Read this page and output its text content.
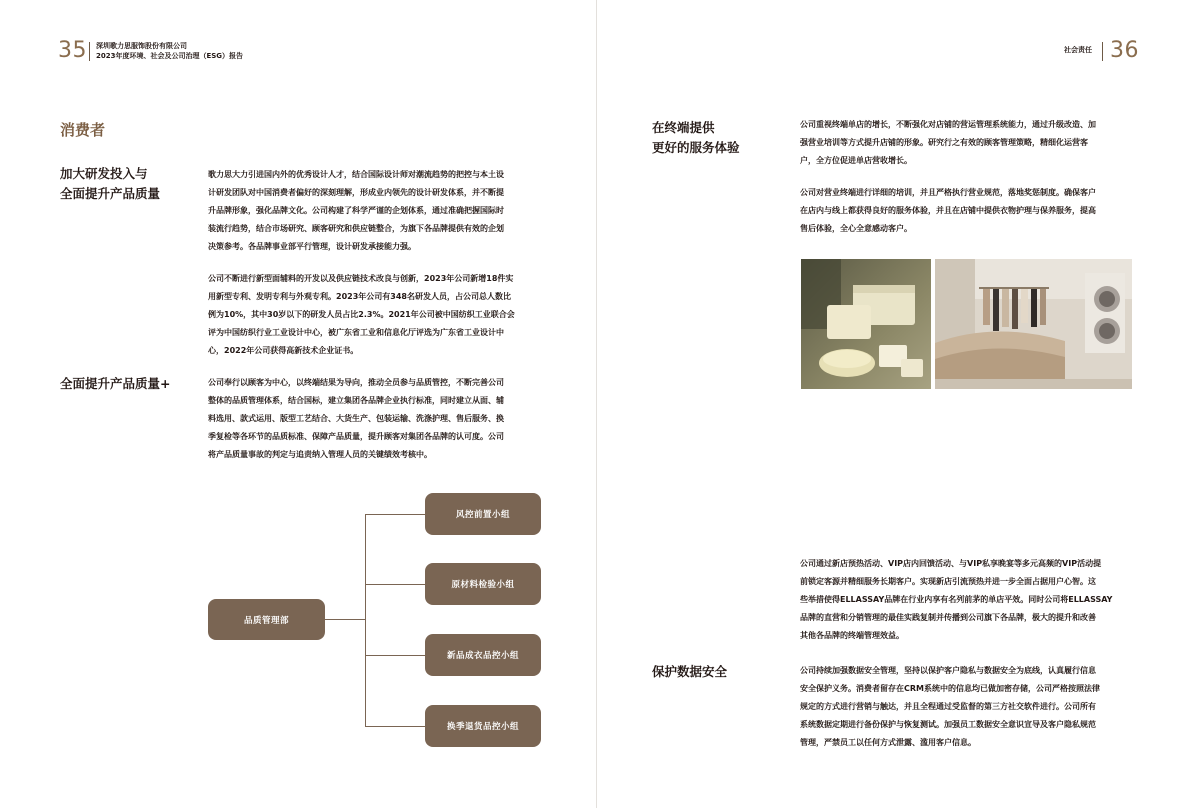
35 深圳歌力思服饰股份有限公司
2023年度环境、社会及公司治理（ESG）报告
社会责任 36
消费者
加大研发投入与
全面提升产品质量
歌力思大力引进国内外的优秀设计人才，结合国际设计师对潮流趋势的把控与本土设
计研发团队对中国消费者偏好的深刻理解，形成业内领先的设计研发体系，并不断提
升品牌形象，强化品牌文化。公司构建了科学严谨的企划体系，通过准确把握国际时
装流行趋势，结合市场研究、顾客研究和供应链整合，为旗下各品牌提供有效的企划
决策参考。各品牌事业部平行管理，设计研发承接能力强。
公司不断进行新型面辅料的开发以及供应链技术改良与创新，2023年公司新增18件实
用新型专利、发明专利与外观专利。2023年公司有348名研发人员，占公司总人数比
例为10%，其中30岁以下的研发人员占比2.3%。2021年公司被中国纺织工业联合会
评为中国纺织行业工业设计中心，被广东省工业和信息化厅评选为广东省工业设计中
心，2022年公司获得高新技术企业证书。
全面提升产品质量+	公司奉行以顾客为中心，以终端结果为导向，推动全员参与品质管控，不断完善公司
整体的品质管理体系，结合国标，建立集团各品牌企业执行标准，同时建立从面、辅
料选用、款式运用、版型工艺结合、大货生产、包装运输、洗涤护理、售后服务、换
季复检等各环节的品质标准、保障产品质量，提升顾客对集团各品牌的认可度。公司
将产品质量事故的判定与追责纳入管理人员的关键绩效考核中。
品质管理部
风控前置小组
原材料检验小组
新品成衣品控小组
换季退货品控小组
在终端提供
更好的服务体验
公司重视终端单店的增长，不断强化对店铺的营运管理系统能力，通过升级改造、加
强营业培训等方式提升店铺的形象。研究行之有效的顾客管理策略，精细化运营客
户，全方位促进单店营收增长。
公司对营业终端进行详细的培训，并且严格执行营业规范，落地奖惩制度。确保客户
在店内与线上都获得良好的服务体验，并且在店铺中提供衣物护理与保养服务，提高
售后体验，全心全意感动客户。
公司通过新店预热活动、VIP店内回馈活动、与VIP私享晚宴等多元高频的VIP活动提
前锁定客源并精细服务长期客户。实现新店引流预热并进一步全面占据用户心智。这
些举措使得ELLASSAY品牌在行业内享有名列前茅的单店平效。同时公司将ELLASSAY
品牌的直营和分销管理的最佳实践复制并传播到公司旗下各品牌，极大的提升和改善
其他各品牌的终端管理效益。
保护数据安全	公司持续加强数据安全管理，坚持以保护客户隐私与数据安全为底线，认真履行信息
安全保护义务。消费者留存在CRM系统中的信息均已做加密存储，公司严格按照法律
规定的方式进行营销与触达，并且全程通过受监督的第三方社交软件进行。公司所有
系统数据定期进行备份保护与恢复测试。加强员工数据安全意识宣导及客户隐私规范
管理，严禁员工以任何方式泄露、滥用客户信息。
